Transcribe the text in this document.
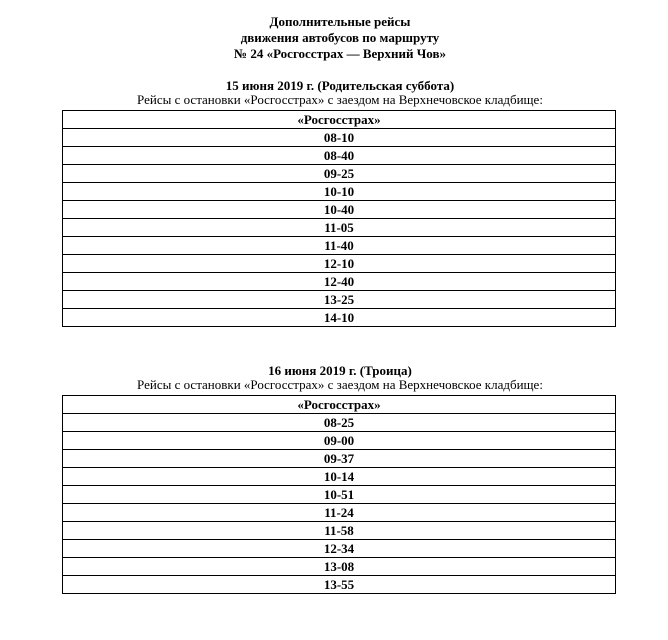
Дополнительные рейсы
движения автобусов по маршруту
№ 24 «Росгосстрах — Верхний Чов»
15 июня 2019 г. (Родительская суббота)
Рейсы с остановки «Росгосстрах» с заездом на Верхнечовское кладбище:
«Росгосстрах»
08-10
08-40
09-25
10-10
10-40
11-05
11-40
12-10
12-40
13-25
14-10
16 июня 2019 г. (Троица)
Рейсы с остановки «Росгосстрах» с заездом на Верхнечовское кладбище:
«Росгосстрах»
08-25
09-00
09-37
10-14
10-51
11-24
11-58
12-34
13-08
13-55
